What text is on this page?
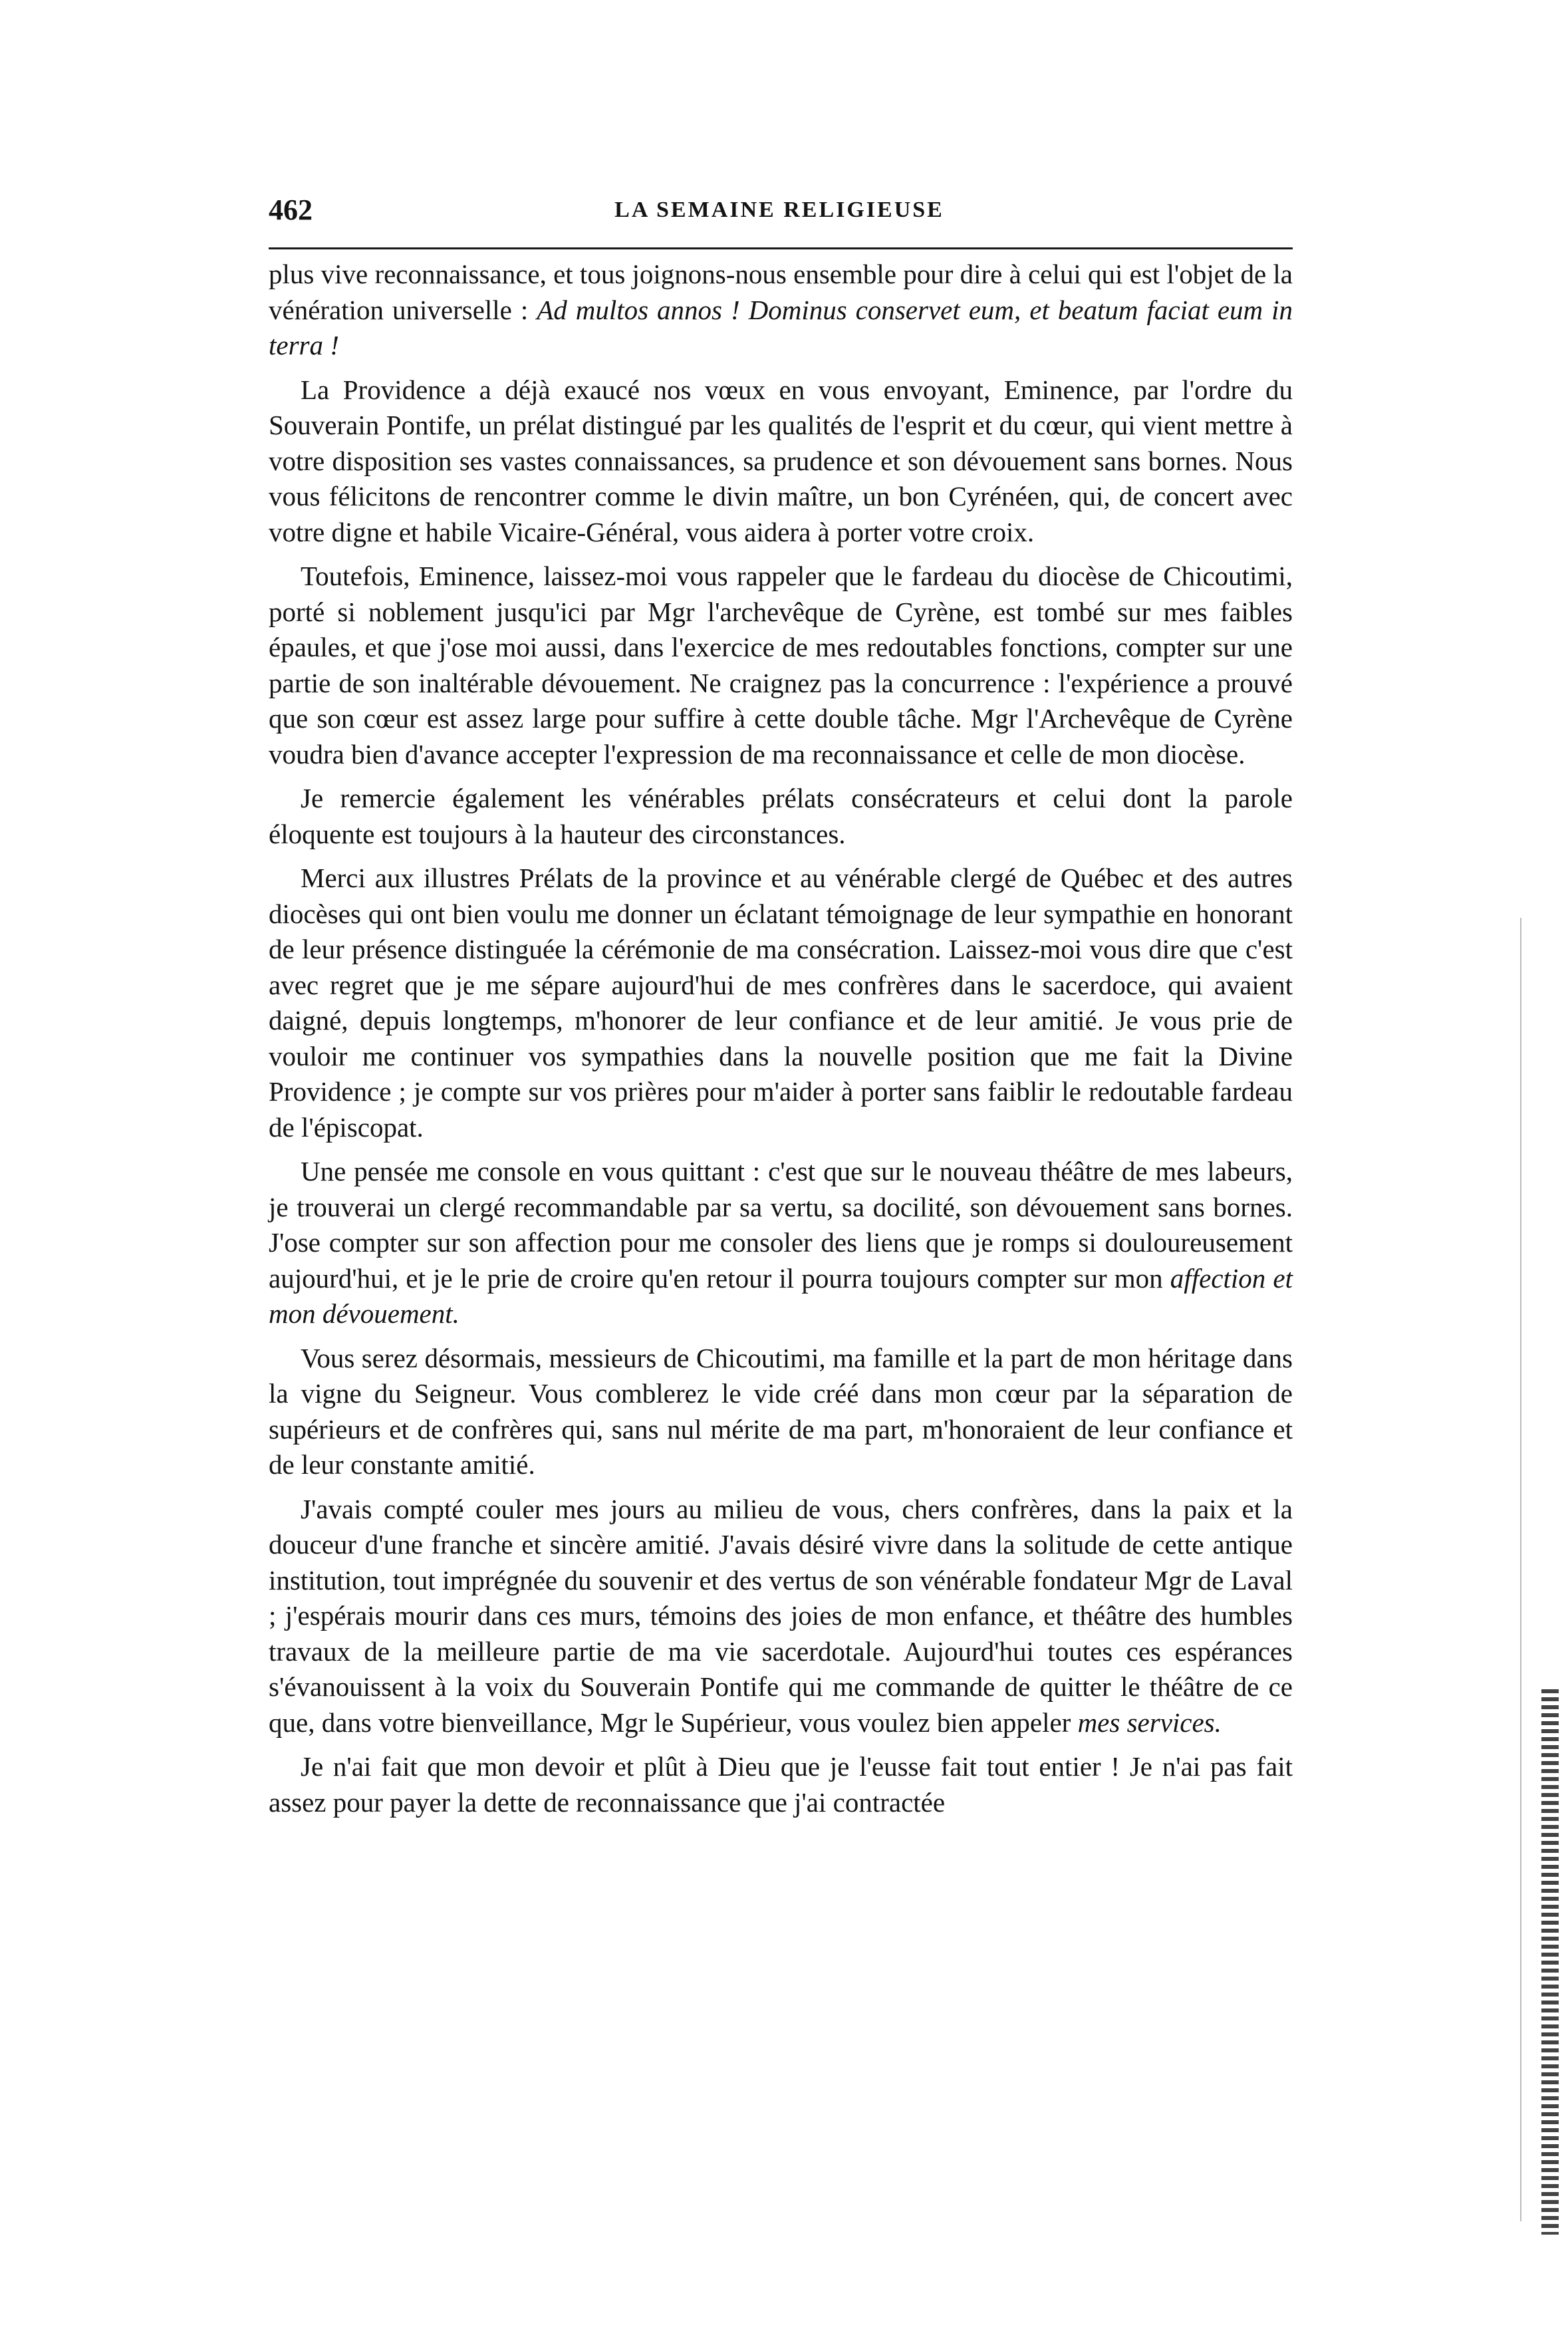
462	LA SEMAINE RELIGIEUSE

plus vive reconnaissance, et tous joignons-nous ensemble pour dire à celui qui est l'objet de la vénération universelle : Ad multos annos ! Dominus conservet eum, et beatum faciat eum in terra !

La Providence a déjà exaucé nos vœux en vous envoyant, Eminence, par l'ordre du Souverain Pontife, un prélat distingué par les qualités de l'esprit et du cœur, qui vient mettre à votre disposition ses vastes connaissances, sa prudence et son dévouement sans bornes. Nous vous félicitons de rencontrer comme le divin maître, un bon Cyrénéen, qui, de concert avec votre digne et habile Vicaire-Général, vous aidera à porter votre croix.

Toutefois, Eminence, laissez-moi vous rappeler que le fardeau du diocèse de Chicoutimi, porté si noblement jusqu'ici par Mgr l'archevêque de Cyrène, est tombé sur mes faibles épaules, et que j'ose moi aussi, dans l'exercice de mes redoutables fonctions, compter sur une partie de son inaltérable dévouement. Ne craignez pas la concurrence : l'expérience a prouvé que son cœur est assez large pour suffire à cette double tâche. Mgr l'Archevêque de Cyrène voudra bien d'avance accepter l'expression de ma reconnaissance et celle de mon diocèse.

Je remercie également les vénérables prélats consécrateurs et celui dont la parole éloquente est toujours à la hauteur des circonstances.

Merci aux illustres Prélats de la province et au vénérable clergé de Québec et des autres diocèses qui ont bien voulu me donner un éclatant témoignage de leur sympathie en honorant de leur présence distinguée la cérémonie de ma consécration. Laissez-moi vous dire que c'est avec regret que je me sépare aujourd'hui de mes confrères dans le sacerdoce, qui avaient daigné, depuis longtemps, m'honorer de leur confiance et de leur amitié. Je vous prie de vouloir me continuer vos sympathies dans la nouvelle position que me fait la Divine Providence ; je compte sur vos prières pour m'aider à porter sans faiblir le redoutable fardeau de l'épiscopat.

Une pensée me console en vous quittant : c'est que sur le nouveau théâtre de mes labeurs, je trouverai un clergé recommandable par sa vertu, sa docilité, son dévouement sans bornes. J'ose compter sur son affection pour me consoler des liens que je romps si douloureusement aujourd'hui, et je le prie de croire qu'en retour il pourra toujours compter sur mon affection et mon dévouement.

Vous serez désormais, messieurs de Chicoutimi, ma famille et la part de mon héritage dans la vigne du Seigneur. Vous comblerez le vide créé dans mon cœur par la séparation de supérieurs et de confrères qui, sans nul mérite de ma part, m'honoraient de leur confiance et de leur constante amitié.

J'avais compté couler mes jours au milieu de vous, chers confrères, dans la paix et la douceur d'une franche et sincère amitié. J'avais désiré vivre dans la solitude de cette antique institution, tout imprégnée du souvenir et des vertus de son vénérable fondateur Mgr de Laval ; j'espérais mourir dans ces murs, témoins des joies de mon enfance, et théâtre des humbles travaux de la meilleure partie de ma vie sacerdotale. Aujourd'hui toutes ces espérances s'évanouissent à la voix du Souverain Pontife qui me commande de quitter le théâtre de ce que, dans votre bienveillance, Mgr le Supérieur, vous voulez bien appeler mes services.

Je n'ai fait que mon devoir et plût à Dieu que je l'eusse fait tout entier ! Je n'ai pas fait assez pour payer la dette de reconnaissance que j'ai contractée
